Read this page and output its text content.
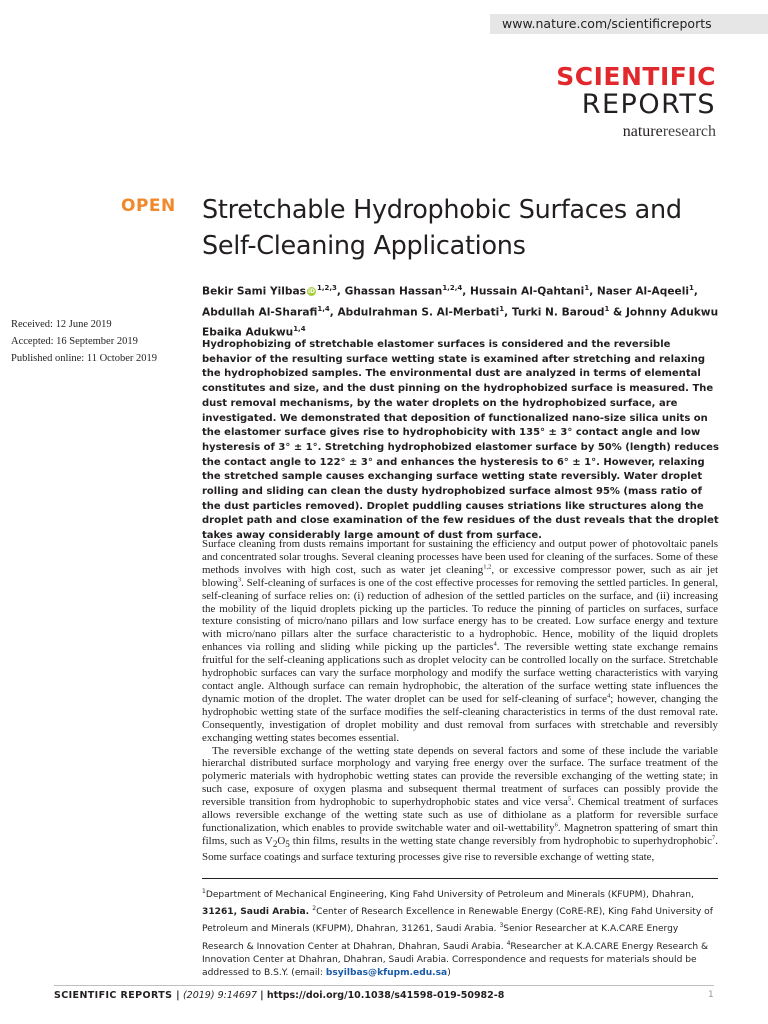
www.nature.com/scientificreports
SCIENTIFIC
REPORTS
natureresearch
OPEN Stretchable Hydrophobic Surfaces and Self-Cleaning Applications
Bekir Sami Yilbas iD $^{1,2,3}$, Ghassan Hassan$^{1,2,4}$, Hussain Al-Qahtani$^1$, Naser Al-Aqeeli$^1$, Abdullah Al-Sharafi$^{1,4}$, Abdulrahman S. Al-Merbati$^1$, Turki N. Baroud$^1$ & Johnny Adukwu Ebaika Adukwu$^{1,4}$
Received: 12 June 2019
Accepted: 16 September 2019
Published online: 11 October 2019

Hydrophobizing of stretchable elastomer surfaces is considered and the reversible behavior of the resulting surface wetting state is examined after stretching and relaxing the hydrophobized samples. The environmental dust are analyzed in terms of elemental constitutes and size, and the dust pinning on the hydrophobized surface is measured. The dust removal mechanisms, by the water droplets on the hydrophobized surface, are investigated. We demonstrated that deposition of functionalized nano-size silica units on the elastomer surface gives rise to hydrophobicity with 135° ± 3° contact angle and low hysteresis of 3° ± 1°. Stretching hydrophobized elastomer surface by 50% (length) reduces the contact angle to 122° ± 3° and enhances the hysteresis to 6° ± 1°. However, relaxing the stretched sample causes exchanging surface wetting state reversibly. Water droplet rolling and sliding can clean the dusty hydrophobized surface almost 95% (mass ratio of the dust particles removed). Droplet puddling causes striations like structures along the droplet path and close examination of the few residues of the dust reveals that the droplet takes away considerably large amount of dust from surface.

Surface cleaning from dusts remains important for sustaining the efficiency and output power of photovoltaic panels and concentrated solar troughs. Several cleaning processes have been used for cleaning of the surfaces. Some of these methods involves with high cost, such as water jet cleaning$^{1,2}$, or excessive compressor power, such as air jet blowing$^3$. Self-cleaning of surfaces is one of the cost effective processes for removing the settled particles. In general, self-cleaning of surface relies on: (i) reduction of adhesion of the settled particles on the surface, and (ii) increasing the mobility of the liquid droplets picking up the particles. To reduce the pinning of particles on surfaces, surface texture consisting of micro/nano pillars and low surface energy has to be created. Low surface energy and texture with micro/nano pillars alter the surface characteristic to a hydrophobic. Hence, mobility of the liquid droplets enhances via rolling and sliding while picking up the particles$^4$. The reversible wetting state exchange remains fruitful for the self-cleaning applications such as droplet velocity can be controlled locally on the surface. Stretchable hydrophobic surfaces can vary the surface morphology and modify the surface wetting characteristics with varying contact angle. Although surface can remain hydrophobic, the alteration of the surface wetting state influences the dynamic motion of the droplet. The water droplet can be used for self-cleaning of surface$^4$; however, changing the hydrophobic wetting state of the surface modifies the self-cleaning characteristics in terms of the dust removal rate. Consequently, investigation of droplet mobility and dust removal from surfaces with stretchable and reversibly exchanging wetting states becomes essential.

The reversible exchange of the wetting state depends on several factors and some of these include the variable hierarchal distributed surface morphology and varying free energy over the surface. The surface treatment of the polymeric materials with hydrophobic wetting states can provide the reversible exchanging of the wetting state; in such case, exposure of oxygen plasma and subsequent thermal treatment of surfaces can possibly provide the reversible transition from hydrophobic to superhydrophobic states and vice versa$^5$. Chemical treatment of surfaces allows reversible exchange of the wetting state such as use of dithiolane as a platform for reversible surface functionalization, which enables to provide switchable water and oil-wettability$^6$. Magnetron spattering of smart thin films, such as $V_2O_5$ thin films, results in the wetting state change reversibly from hydrophobic to superhydrophobic$^7$. Some surface coatings and surface texturing processes give rise to reversible exchange of wetting state,

$^1$Department of Mechanical Engineering, King Fahd University of Petroleum and Minerals (KFUPM), Dhahran, 31261, Saudi Arabia. $^2$Center of Research Excellence in Renewable Energy (CoRE-RE), King Fahd University of Petroleum and Minerals (KFUPM), Dhahran, 31261, Saudi Arabia. $^3$Senior Researcher at K.A.CARE Energy Research & Innovation Center at Dhahran, Dhahran, Saudi Arabia. $^4$Researcher at K.A.CARE Energy Research & Innovation Center at Dhahran, Dhahran, Saudi Arabia. Correspondence and requests for materials should be addressed to B.S.Y. (email: bsyilbas@kfupm.edu.sa)

SCIENTIFIC REPORTS | (2019) 9:14697 | https://doi.org/10.1038/s41598-019-50982-8	1
